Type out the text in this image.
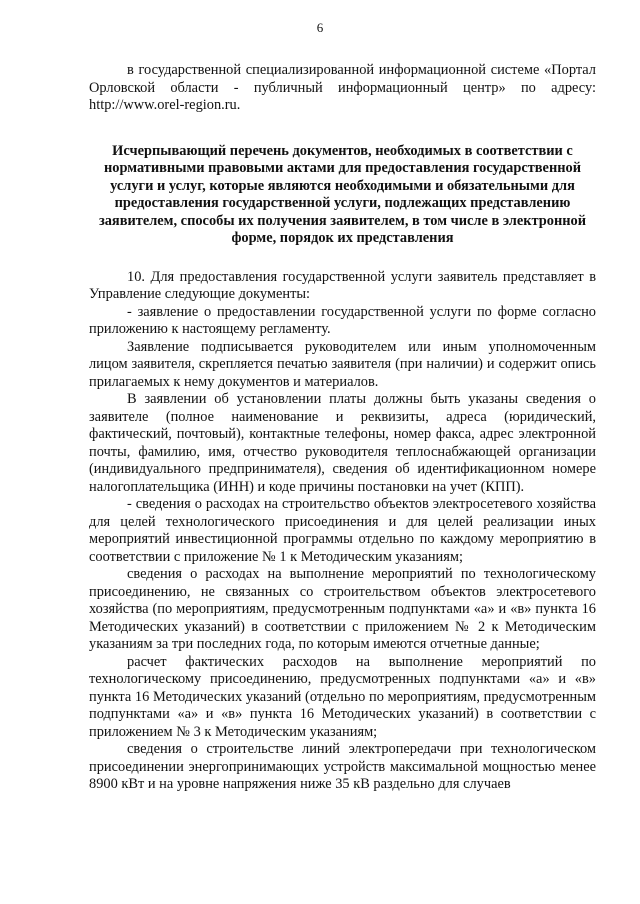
6

в государственной специализированной информационной системе «Портал Орловской области - публичный информационный центр» по адресу: http://www.orel-region.ru.

Исчерпывающий перечень документов, необходимых в соответствии с нормативными правовыми актами для предоставления государственной услуги и услуг, которые являются необходимыми и обязательными для предоставления государственной услуги, подлежащих представлению заявителем, способы их получения заявителем, в том числе в электронной форме, порядок их представления

10. Для предоставления государственной услуги заявитель представляет в Управление следующие документы:

- заявление о предоставлении государственной услуги по форме согласно приложению к настоящему регламенту.

Заявление подписывается руководителем или иным уполномоченным лицом заявителя, скрепляется печатью заявителя (при наличии) и содержит опись прилагаемых к нему документов и материалов.

В заявлении об установлении платы должны быть указаны сведения о заявителе (полное наименование и реквизиты, адреса (юридический, фактический, почтовый), контактные телефоны, номер факса, адрес электронной почты, фамилию, имя, отчество руководителя теплоснабжающей организации (индивидуального предпринимателя), сведения об идентификационном номере налогоплательщика (ИНН) и коде причины постановки на учет (КПП).

- сведения о расходах на строительство объектов электросетевого хозяйства для целей технологического присоединения и для целей реализации иных мероприятий инвестиционной программы отдельно по каждому мероприятию в соответствии с приложение № 1 к Методическим указаниям;

сведения о расходах на выполнение мероприятий по технологическому присоединению, не связанных со строительством объектов электросетевого хозяйства (по мероприятиям, предусмотренным подпунктами «а» и «в» пункта 16 Методических указаний) в соответствии с приложением № 2 к Методическим указаниям за три последних года, по которым имеются отчетные данные;

расчет фактических расходов на выполнение мероприятий по технологическому присоединению, предусмотренных подпунктами «а» и «в» пункта 16 Методических указаний (отдельно по мероприятиям, предусмотренным подпунктами «а» и «в» пункта 16 Методических указаний) в соответствии с приложением № 3 к Методическим указаниям;

сведения о строительстве линий электропередачи при технологическом присоединении энергопринимающих устройств максимальной мощностью менее 8900 кВт и на уровне напряжения ниже 35 кВ раздельно для случаев
